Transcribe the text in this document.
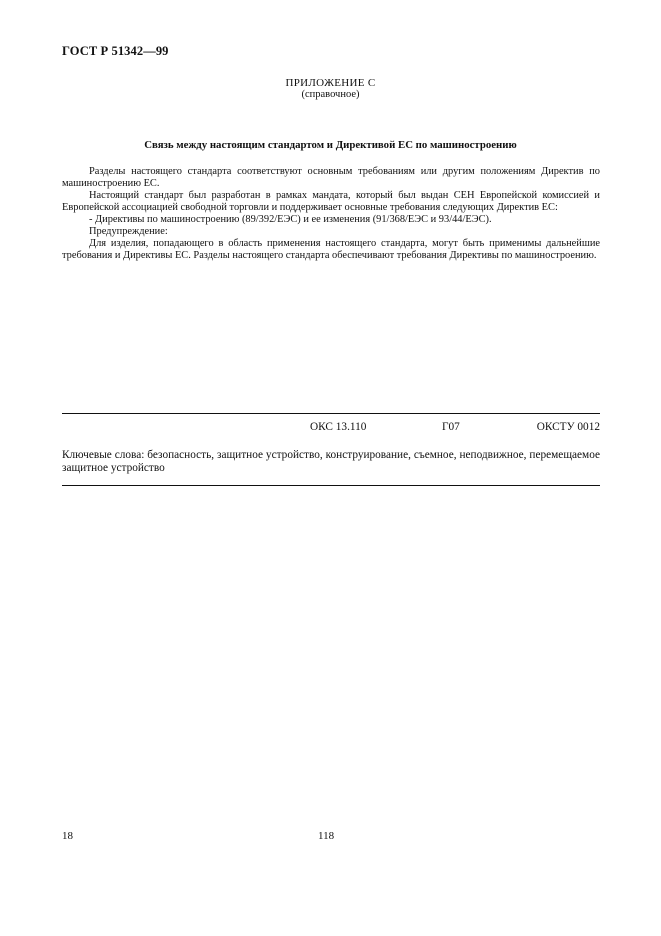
ГОСТ Р 51342—99
ПРИЛОЖЕНИЕ С
(справочное)
Связь между настоящим стандартом и Директивой ЕС по машиностроению

Разделы настоящего стандарта соответствуют основным требованиям или другим положениям Директив по машиностроению ЕС.

Настоящий стандарт был разработан в рамках мандата, который был выдан СЕН Европейской комиссией и Европейской ассоциацией свободной торговли и поддерживает основные требования следующих Директив ЕС:

- Директивы по машиностроению (89/392/ЕЭС) и ее изменения (91/368/ЕЭС и 93/44/ЕЭС).

Предупреждение:

Для изделия, попадающего в область применения настоящего стандарта, могут быть применимы дальнейшие требования и Директивы ЕС. Разделы настоящего стандарта обеспечивают требования Директивы по машиностроению.

ОКС 13.110	Г07	ОКСТУ 0012
Ключевые слова: безопасность, защитное устройство, конструирование, съемное, неподвижное, перемещаемое защитное устройство
18	118
